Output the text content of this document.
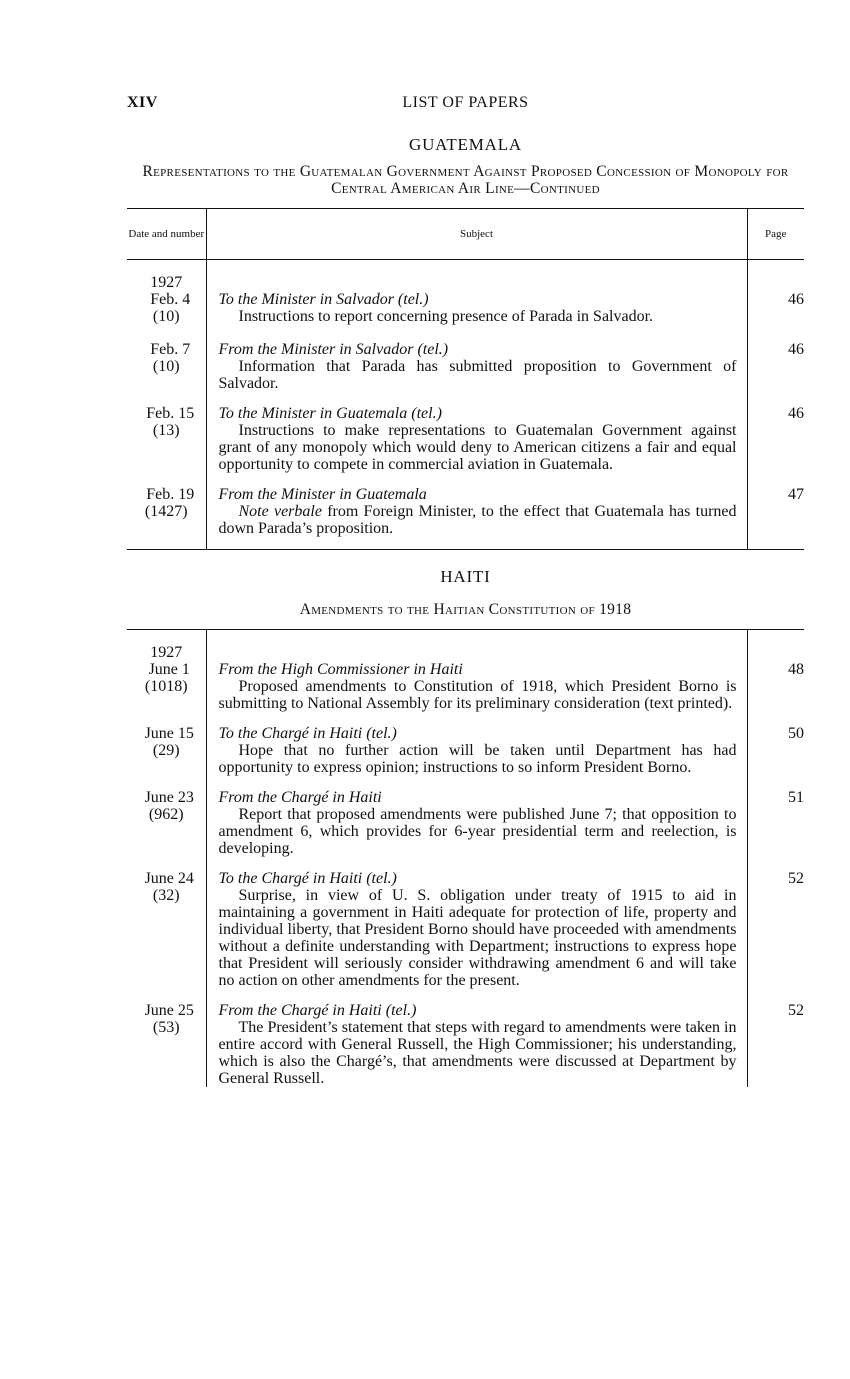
XIV	LIST OF PAPERS
GUATEMALA
Representations to the Guatemalan Government Against Proposed Concession of Monopoly for Central American Air Line—Continued
Date and number	Subject	Page

1927
Feb. 4
(10)	To the Minister in Salvador (tel.)
Instructions to report concerning presence of Parada in Salvador.	46

Feb. 7
(10)	From the Minister in Salvador (tel.)
Information that Parada has submitted proposition to Government of Salvador.	46

Feb. 15
(13)	To the Minister in Guatemala (tel.)
Instructions to make representations to Guatemalan Government against grant of any monopoly which would deny to American citizens a fair and equal opportunity to compete in commercial aviation in Guatemala.	46

Feb. 19
(1427)	From the Minister in Guatemala
Note verbale from Foreign Minister, to the effect that Guatemala has turned down Parada’s proposition.	47
HAITI
Amendments to the Haitian Constitution of 1918

1927
June 1
(1018)	From the High Commissioner in Haiti
Proposed amendments to Constitution of 1918, which President Borno is submitting to National Assembly for its preliminary consideration (text printed).	48

June 15
(29)	To the Chargé in Haiti (tel.)
Hope that no further action will be taken until Department has had opportunity to express opinion; instructions to so inform President Borno.	50

June 23
(962)	From the Chargé in Haiti
Report that proposed amendments were published June 7; that opposition to amendment 6, which provides for 6-year presidential term and reelection, is developing.	51

June 24
(32)	To the Chargé in Haiti (tel.)
Surprise, in view of U. S. obligation under treaty of 1915 to aid in maintaining a government in Haiti adequate for protection of life, property and individual liberty, that President Borno should have proceeded with amendments without a definite understanding with Department; instructions to express hope that President will seriously consider withdrawing amendment 6 and will take no action on other amendments for the present.	52

June 25
(53)	From the Chargé in Haiti (tel.)
The President’s statement that steps with regard to amendments were taken in entire accord with General Russell, the High Commissioner; his understanding, which is also the Chargé’s, that amendments were discussed at Department by General Russell.	52
